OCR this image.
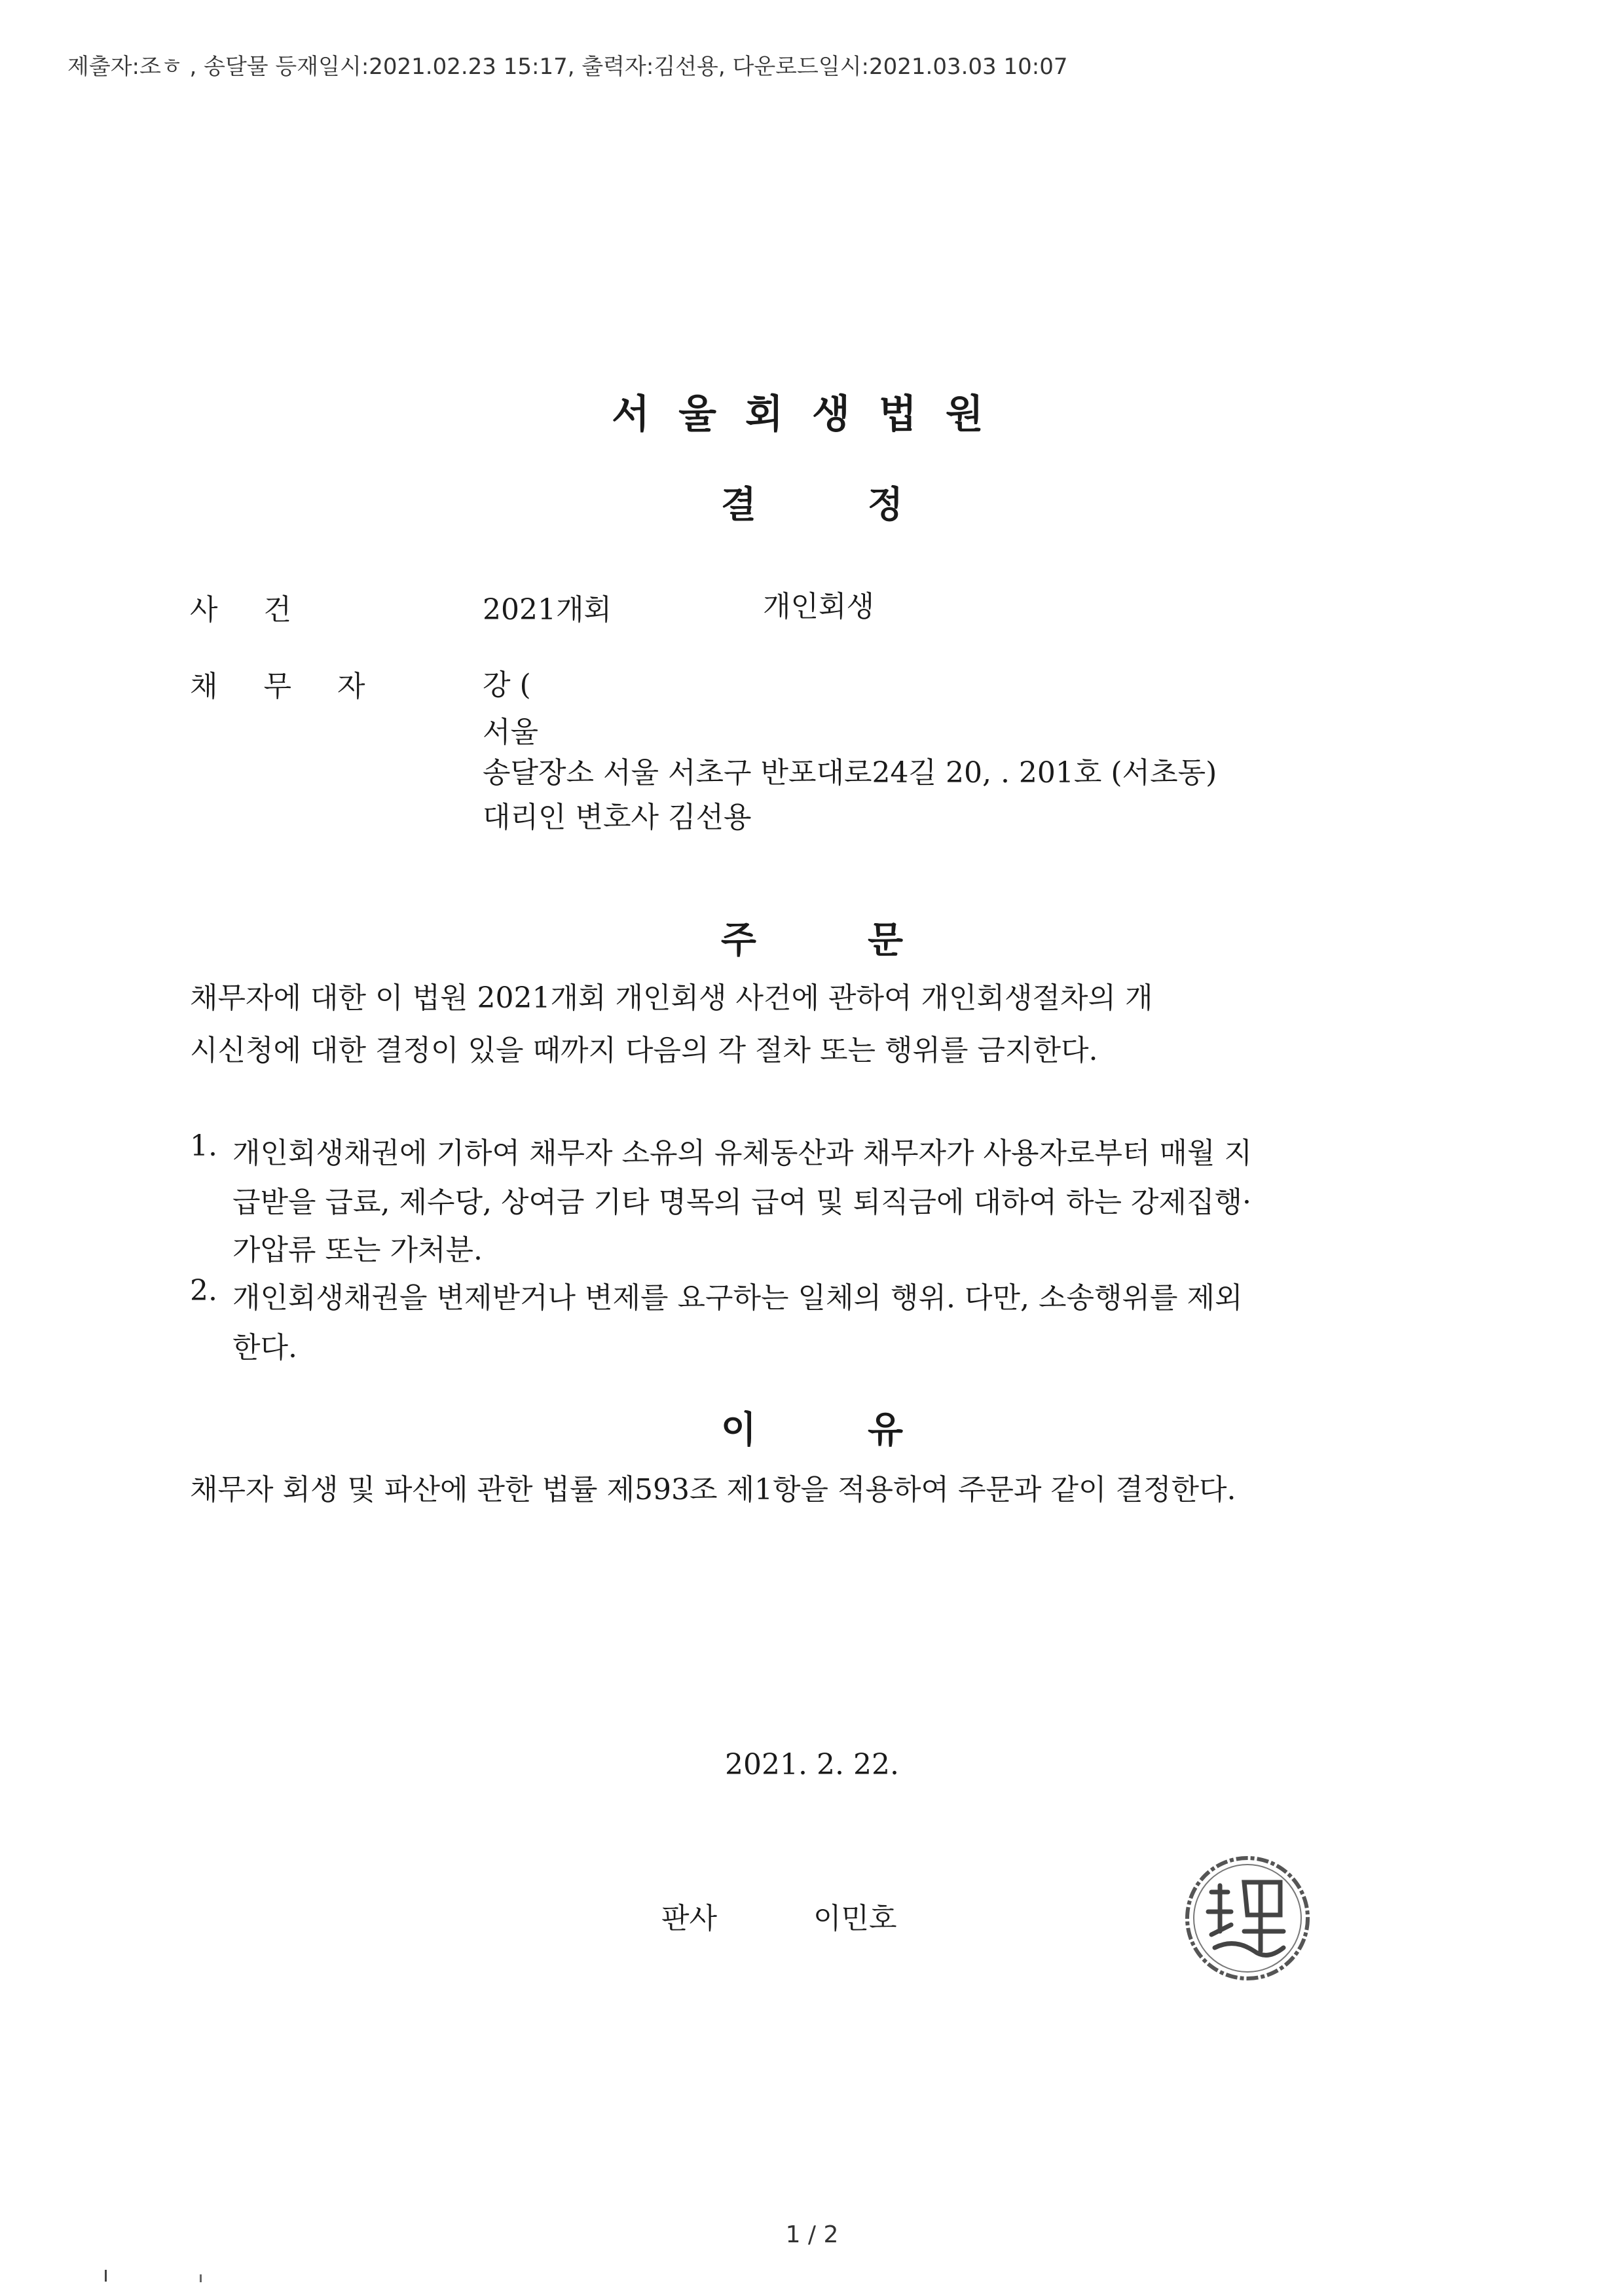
제출자:조ㅎ , 송달물 등재일시:2021.02.23 15:17, 출력자:김선용, 다운로드일시:2021.03.03 10:07
서울회생법원
결정
사건	2021개회	개인회생
채무자 강 (
서울
송달장소 서울 서초구 반포대로24길 20, . 201호 (서초동)
대리인 변호사 김선용
주문
채무자에 대한 이 법원 2021개회 개인회생 사건에 관하여 개인회생절차의 개
시신청에 대한 결정이 있을 때까지 다음의 각 절차 또는 행위를 금지한다.
1. 개인회생채권에 기하여 채무자 소유의 유체동산과 채무자가 사용자로부터 매월 지
급받을 급료, 제수당, 상여금 기타 명목의 급여 및 퇴직금에 대하여 하는 강제집행·
가압류 또는 가처분.
2. 개인회생채권을 변제받거나 변제를 요구하는 일체의 행위. 다만, 소송행위를 제외
한다.
이유
채무자 회생 및 파산에 관한 법률 제593조 제1항을 적용하여 주문과 같이 결정한다.
2021. 2. 22.
판사	이민호
1 / 2
